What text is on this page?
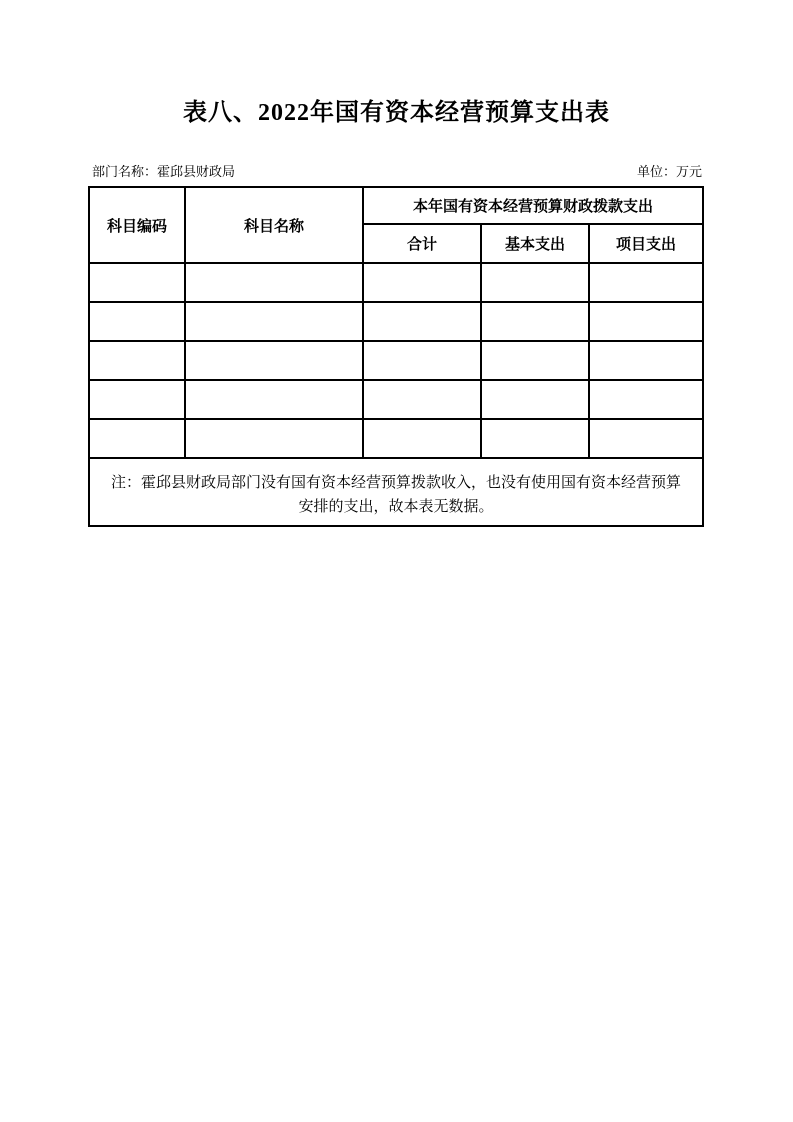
表八、2022年国有资本经营预算支出表
部门名称：霍邱县财政局	单位：万元
科目编码	科目名称	本年国有资本经营预算财政拨款支出		
		合计	基本支出	项目支出

注：霍邱县财政局部门没有国有资本经营预算拨款收入，也没有使用国有资本经营预算
安排的支出，故本表无数据。				
